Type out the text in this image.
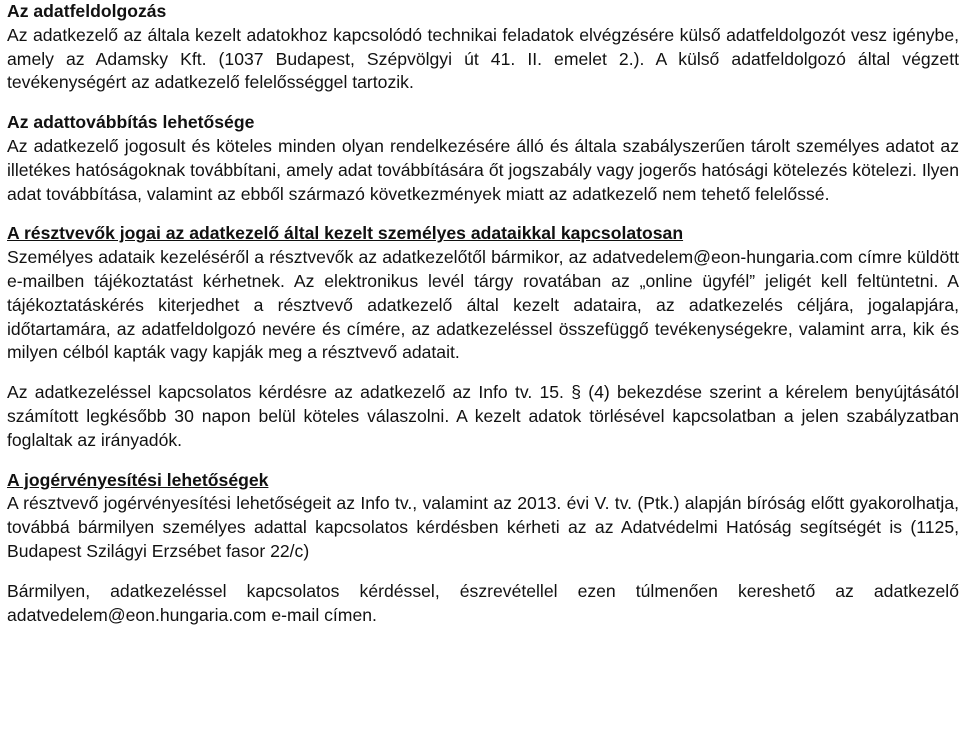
Az adatfeldolgozás

Az adatkezelő az általa kezelt adatokhoz kapcsolódó technikai feladatok elvégzésére külső adatfeldolgozót vesz igénybe, amely az Adamsky Kft. (1037 Budapest, Szépvölgyi út 41. II. emelet 2.). A külső adatfeldolgozó által végzett tevékenységért az adatkezelő felelősséggel tartozik.

Az adattovábbítás lehetősége

Az adatkezelő jogosult és köteles minden olyan rendelkezésére álló és általa szabályszerűen tárolt személyes adatot az illetékes hatóságoknak továbbítani, amely adat továbbítására őt jogszabály vagy jogerős hatósági kötelezés kötelezi. Ilyen adat továbbítása, valamint az ebből származó következmények miatt az adatkezelő nem tehető felelőssé.

A résztvevők jogai az adatkezelő által kezelt személyes adataikkal kapcsolatosan

Személyes adataik kezeléséről a résztvevők az adatkezelőtől bármikor, az adatvedelem@eon-hungaria.com címre küldött e-mailben tájékoztatást kérhetnek. Az elektronikus levél tárgy rovatában az „online ügyfél” jeligét kell feltüntetni. A tájékoztatáskérés kiterjedhet a résztvevő adatkezelő által kezelt adataira, az adatkezelés céljára, jogalapjára, időtartamára, az adatfeldolgozó nevére és címére, az adatkezeléssel összefüggő tevékenységekre, valamint arra, kik és milyen célból kapták vagy kapják meg a résztvevő adatait.

Az adatkezeléssel kapcsolatos kérdésre az adatkezelő az Info tv. 15. § (4) bekezdése szerint a kérelem benyújtásától számított legkésőbb 30 napon belül köteles válaszolni. A kezelt adatok törlésével kapcsolatban a jelen szabályzatban foglaltak az irányadók.

A jogérvényesítési lehetőségek

A résztvevő jogérvényesítési lehetőségeit az Info tv., valamint az 2013. évi V. tv. (Ptk.) alapján bíróság előtt gyakorolhatja, továbbá bármilyen személyes adattal kapcsolatos kérdésben kérheti az az Adatvédelmi Hatóság segítségét is (1125, Budapest Szilágyi Erzsébet fasor 22/c)

Bármilyen, adatkezeléssel kapcsolatos kérdéssel, észrevétellel ezen túlmenően kereshető az adatkezelő adatvedelem@eon.hungaria.com e-mail címen.
